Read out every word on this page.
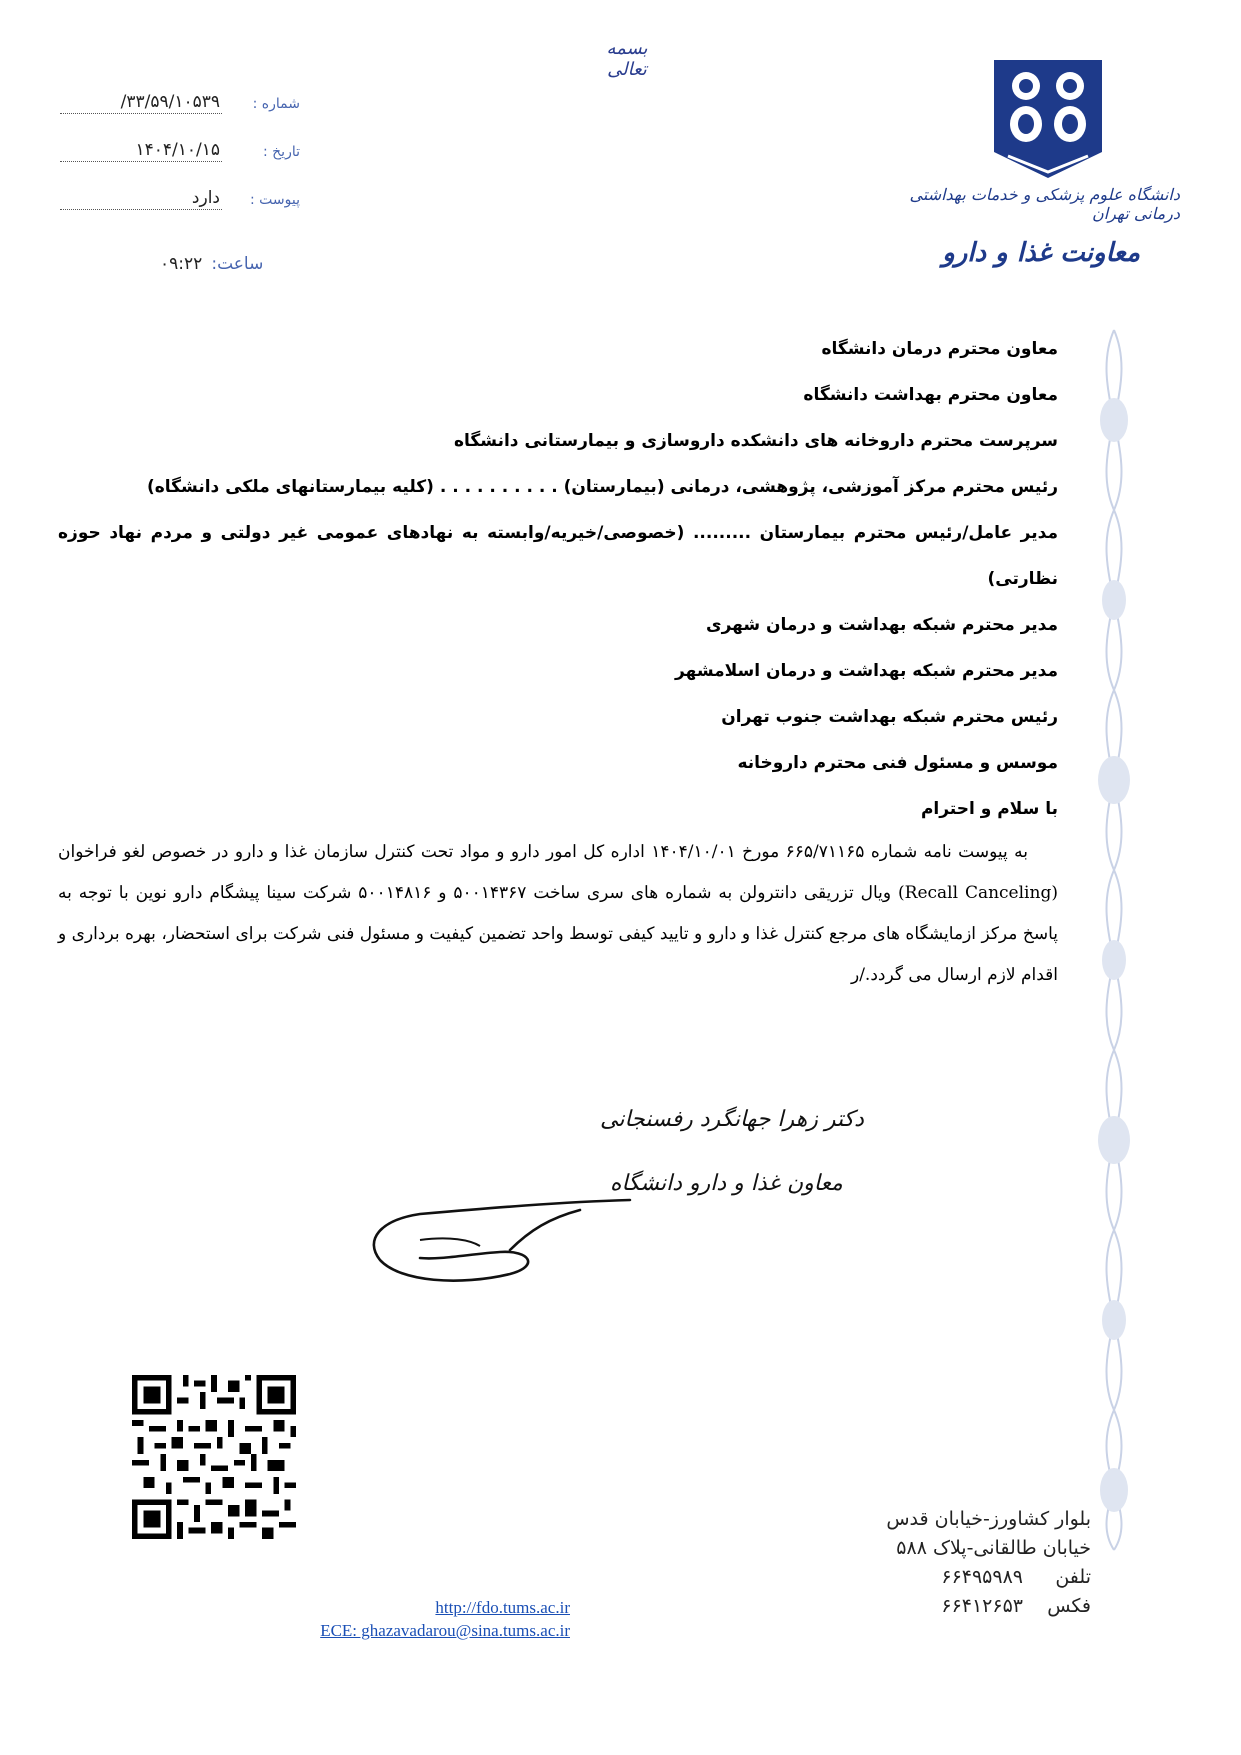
بسمه تعالی
دانشگاه علوم پزشکی و خدمات بهداشتی درمانی تهران
معاونت غذا و دارو
شماره :
/۳۳/۵۹/۱۰۵۳۹
تاریخ :
۱۴۰۴/۱۰/۱۵
پیوست :
دارد
ساعت: ۰۹:۲۲
معاون محترم درمان دانشگاه
معاون محترم بهداشت دانشگاه
سرپرست محترم داروخانه های دانشکده داروسازی و بیمارستانی دانشگاه
رئیس محترم مرکز آموزشی، پژوهشی، درمانی (بیمارستان) . . . . . . . . . . (کلیه بیمارستانهای ملکی دانشگاه)
مدیر عامل/رئیس محترم بیمارستان ......... (خصوصی/خیریه/وابسته به نهادهای عمومی غیر دولتی و مردم نهاد حوزه نظارتی)
مدیر محترم شبکه بهداشت و درمان شهری
مدیر محترم شبکه بهداشت و درمان اسلامشهر
رئیس محترم شبکه بهداشت جنوب تهران
موسس و مسئول فنی محترم داروخانه
با سلام و احترام
به پیوست نامه شماره ۶۶۵/۷۱۱۶۵ مورخ ۱۴۰۴/۱۰/۰۱ اداره کل امور دارو و مواد تحت کنترل سازمان غذا و دارو در خصوص لغو فراخوان (Recall Canceling) ویال تزریقی دانترولن به شماره های سری ساخت ۵۰۰۱۴۳۶۷ و ۵۰۰۱۴۸۱۶ شرکت سینا پیشگام دارو نوین با توجه به پاسخ مرکز ازمایشگاه های مرجع کنترل غذا و دارو و تایید کیفی توسط واحد تضمین کیفیت و مسئول فنی شرکت برای استحضار، بهره برداری و اقدام لازم ارسال می گردد./ر
دکتر زهرا جهانگرد رفسنجانی
معاون غذا و دارو دانشگاه
بلوار کشاورز-خیابان قدس
خیابان طالقانی-پلاک ۵۸۸
تلفن
۶۶۴۹۵۹۸۹
فکس
۶۶۴۱۲۶۵۳
http://fdo.tums.ac.ir
ECE: ghazavadarou@sina.tums.ac.ir
